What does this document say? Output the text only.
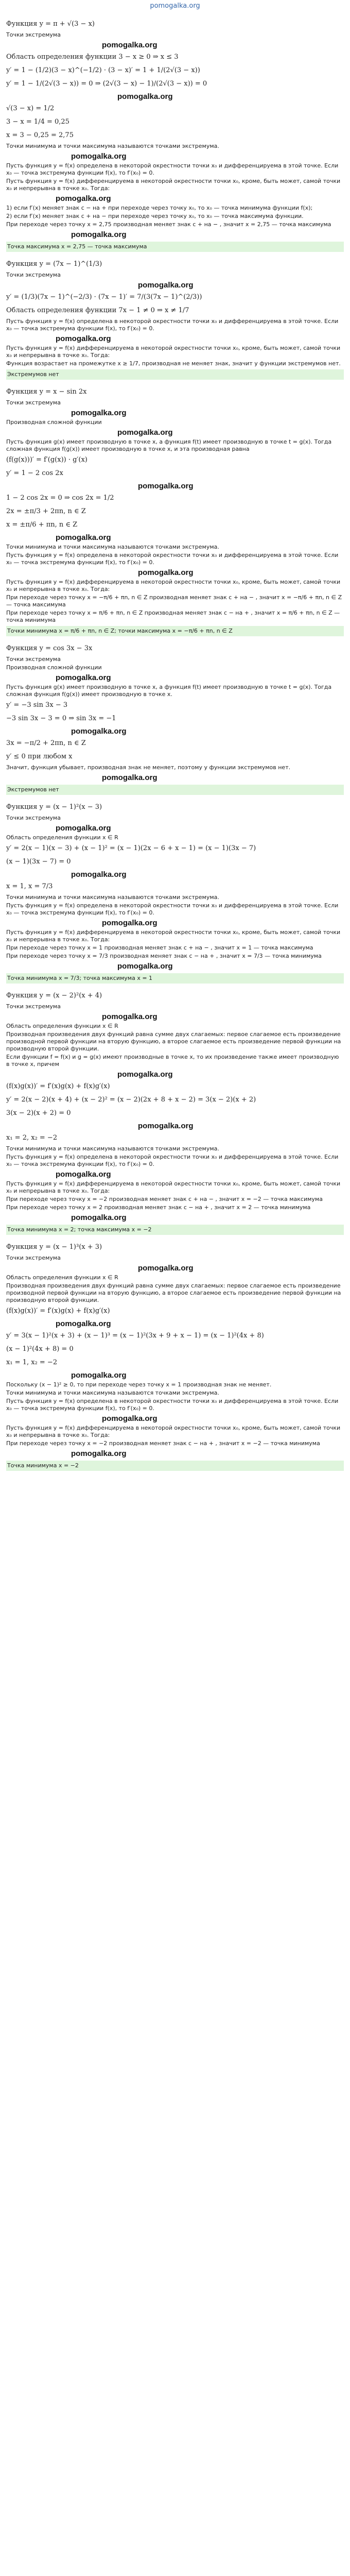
pomogalka.org
Функция y = π + √(3 − x)
Точки экстремума
pomogalka.org
Область определения функции 3 − x ≥ 0 ⇒ x ≤ 3
y′ = 1 − (1/2)(3 − x)^(−1/2) · (3 − x)′ = 1 + 1/(2√(3 − x))
y′ = 1 − 1/(2√(3 − x)) = 0 ⇒ (2√(3 − x) − 1)/(2√(3 − x)) = 0
pomogalka.org
√(3 − x) = 1/2
3 − x = 1/4 = 0,25
x = 3 − 0,25 = 2,75
Точки минимума и точки максимума называются точками экстремума.
pomogalka.org
Пусть функция y = f(x) определена в некоторой окрестности точки x₀ и дифференцируема в этой точке. Если x₀ — точка экстремума функции f(x), то f′(x₀) = 0.
Пусть функция y = f(x) дифференцируема в некоторой окрестности точки x₀, кроме, быть может, самой точки x₀ и непрерывна в точке x₀. Тогда:
pomogalka.org
1) если f′(x) меняет знак с − на + при переходе через точку x₀, то x₀ — точка минимума функции f(x);
2) если f′(x) меняет знак с + на − при переходе через точку x₀, то x₀ — точка максимума функции.
При переходе через точку x = 2,75 производная меняет знак с + на − , значит x = 2,75 — точка максимума
pomogalka.org
Точка максимума x = 2,75 — точка максимума
Функция y = (7x − 1)^(1/3)
Точки экстремума
pomogalka.org
y′ = (1/3)(7x − 1)^(−2/3) · (7x − 1)′ = 7/(3(7x − 1)^(2/3))
Область определения функции 7x − 1 ≠ 0 ⇒ x ≠ 1/7
Пусть функция y = f(x) определена в некоторой окрестности точки x₀ и дифференцируема в этой точке. Если x₀ — точка экстремума функции f(x), то f′(x₀) = 0.
pomogalka.org
Пусть функция y = f(x) дифференцируема в некоторой окрестности точки x₀, кроме, быть может, самой точки x₀ и непрерывна в точке x₀. Тогда:
Функция возрастает на промежутке x ≥ 1/7, производная не меняет знак, значит у функции экстремумов нет.
Экстремумов нет
Функция y = x − sin 2x
Точки экстремума
pomogalka.org
Производная сложной функции
pomogalka.org
Пусть функция g(x) имеет производную в точке x, а функция f(t) имеет производную в точке t = g(x). Тогда сложная функция f(g(x)) имеет производную в точке x, и эта производная равна
(f(g(x)))′ = f′(g(x)) · g′(x)
y′ = 1 − 2 cos 2x
pomogalka.org
1 − 2 cos 2x = 0 ⇒ cos 2x = 1/2
2x = ±π/3 + 2πn, n ∈ Z
x = ±π/6 + πn, n ∈ Z
pomogalka.org
Точки минимума и точки максимума называются точками экстремума.
Пусть функция y = f(x) определена в некоторой окрестности точки x₀ и дифференцируема в этой точке. Если x₀ — точка экстремума функции f(x), то f′(x₀) = 0.
pomogalka.org
Пусть функция y = f(x) дифференцируема в некоторой окрестности точки x₀, кроме, быть может, самой точки x₀ и непрерывна в точке x₀. Тогда:
При переходе через точку x = −π/6 + πn, n ∈ Z производная меняет знак с + на − , значит x = −π/6 + πn, n ∈ Z — точка максимума
При переходе через точку x = π/6 + πn, n ∈ Z производная меняет знак с − на + , значит x = π/6 + πn, n ∈ Z — точка минимума
Точки минимума x = π/6 + πn, n ∈ Z; точки максимума x = −π/6 + πn, n ∈ Z
Функция y = cos 3x − 3x
Точки экстремума
Производная сложной функции
pomogalka.org
Пусть функция g(x) имеет производную в точке x, а функция f(t) имеет производную в точке t = g(x). Тогда сложная функция f(g(x)) имеет производную в точке x.
y′ = −3 sin 3x − 3
−3 sin 3x − 3 = 0 ⇒ sin 3x = −1
pomogalka.org
3x = −π/2 + 2πn, n ∈ Z
y′ ≤ 0 при любом x
Значит, функция убывает, производная знак не меняет, поэтому у функции экстремумов нет.
pomogalka.org
Экстремумов нет
Функция y = (x − 1)²(x − 3)
Точки экстремума
pomogalka.org
Область определения функции x ∈ R
y′ = 2(x − 1)(x − 3) + (x − 1)² = (x − 1)(2x − 6 + x − 1) = (x − 1)(3x − 7)
(x − 1)(3x − 7) = 0
pomogalka.org
x = 1, x = 7/3
Точки минимума и точки максимума называются точками экстремума.
Пусть функция y = f(x) определена в некоторой окрестности точки x₀ и дифференцируема в этой точке. Если x₀ — точка экстремума функции f(x), то f′(x₀) = 0.
pomogalka.org
Пусть функция y = f(x) дифференцируема в некоторой окрестности точки x₀, кроме, быть может, самой точки x₀ и непрерывна в точке x₀. Тогда:
При переходе через точку x = 1 производная меняет знак с + на − , значит x = 1 — точка максимума
При переходе через точку x = 7/3 производная меняет знак с − на + , значит x = 7/3 — точка минимума
pomogalka.org
Точка минимума x = 7/3; точка максимума x = 1
Функция y = (x − 2)²(x + 4)
Точки экстремума
pomogalka.org
Область определения функции x ∈ R
Производная произведения двух функций равна сумме двух слагаемых: первое слагаемое есть произведение производной первой функции на вторую функцию, а второе слагаемое есть произведение первой функции на производную второй функции.
Если функции f = f(x) и g = g(x) имеют производные в точке x, то их произведение также имеет производную в точке x, причем
pomogalka.org
(f(x)g(x))′ = f′(x)g(x) + f(x)g′(x)
y′ = 2(x − 2)(x + 4) + (x − 2)² = (x − 2)(2x + 8 + x − 2) = 3(x − 2)(x + 2)
3(x − 2)(x + 2) = 0
pomogalka.org
x₁ = 2, x₂ = −2
Точки минимума и точки максимума называются точками экстремума.
Пусть функция y = f(x) определена в некоторой окрестности точки x₀ и дифференцируема в этой точке. Если x₀ — точка экстремума функции f(x), то f′(x₀) = 0.
pomogalka.org
Пусть функция y = f(x) дифференцируема в некоторой окрестности точки x₀, кроме, быть может, самой точки x₀ и непрерывна в точке x₀. Тогда:
При переходе через точку x = −2 производная меняет знак с + на − , значит x = −2 — точка максимума
При переходе через точку x = 2 производная меняет знак с − на + , значит x = 2 — точка минимума
pomogalka.org
Точка минимума x = 2; точка максимума x = −2
Функция y = (x − 1)³(x + 3)
Точки экстремума
pomogalka.org
Область определения функции x ∈ R
Производная произведения двух функций равна сумме двух слагаемых: первое слагаемое есть произведение производной первой функции на вторую функцию, а второе слагаемое есть произведение первой функции на производную второй функции.
(f(x)g(x))′ = f′(x)g(x) + f(x)g′(x)
pomogalka.org
y′ = 3(x − 1)²(x + 3) + (x − 1)³ = (x − 1)²(3x + 9 + x − 1) = (x − 1)²(4x + 8)
(x − 1)²(4x + 8) = 0
x₁ = 1, x₂ = −2
pomogalka.org
Поскольку (x − 1)² ≥ 0, то при переходе через точку x = 1 производная знак не меняет.
Точки минимума и точки максимума называются точками экстремума.
Пусть функция y = f(x) определена в некоторой окрестности точки x₀ и дифференцируема в этой точке. Если x₀ — точка экстремума функции f(x), то f′(x₀) = 0.
pomogalka.org
Пусть функция y = f(x) дифференцируема в некоторой окрестности точки x₀, кроме, быть может, самой точки x₀ и непрерывна в точке x₀. Тогда:
При переходе через точку x = −2 производная меняет знак с − на + , значит x = −2 — точка минимума
pomogalka.org
Точка минимума x = −2
